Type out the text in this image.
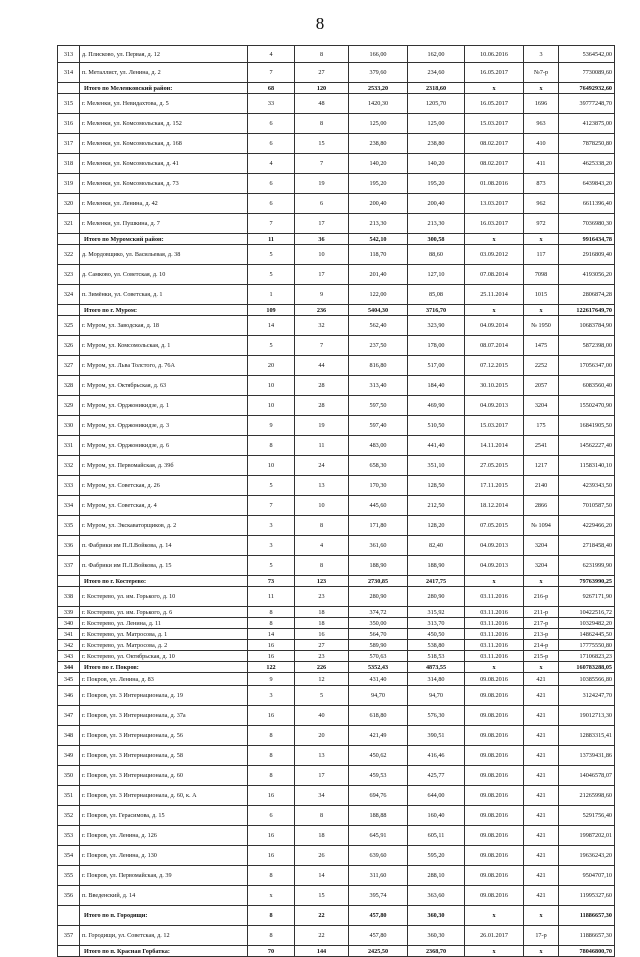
8
313	д. Плисково, ул. Первая, д. 12	4	8	166,00	162,00	10.06.2016	3	5364542,00
314	п. Металлист, ул. Ленина, д. 2	7	27	379,60	234,60	16.05.2017	№7-р	7730089,60
	Итого по Меленковский район:	68	120	2533,20	2318,60	x	x	76492932,60
315	г. Меленки, ул. Невидахтова, д. 5	33	48	1420,30	1205,70	16.05.2017	1696	39777248,70
316	г. Меленки, ул. Комсомольская, д. 152	6	8	125,00	125,00	15.03.2017	963	4123875,00
317	г. Меленки, ул. Комсомольская, д. 168	6	15	238,80	238,80	08.02.2017	410	7878250,80
318	г. Меленки, ул. Комсомольская, д. 41	4	7	140,20	140,20	08.02.2017	411	4625338,20
319	г. Меленки, ул. Комсомольская, д. 73	6	19	195,20	195,20	01.08.2016	873	6439843,20
320	г. Меленки, ул. Ленина, д. 42	6	6	200,40	200,40	13.03.2017	962	6611396,40
321	г. Меленки, ул. Пушкина, д. 7	7	17	213,30	213,30	16.03.2017	972	7036980,30
	Итого по Муромский район:	11	36	542,10	300,58	x	x	9916434,78
322	д. Мордовщико, ул. Васильевая, д. 38	5	10	118,70	88,60	03.09.2012	117	2916809,40
323	д. Самково, ул. Советская, д. 10	5	17	201,40	127,10	07.08.2014	7098	4193056,20
324	п. Зимёнки, ул. Советская, д. 1	1	9	122,00	85,08	25.11.2014	1015	2806874,28
	Итого по г. Муром:	109	236	5404,30	3716,70	x	x	122617649,70
325	г. Муром, ул. Заводская, д. 18	14	32	562,40	323,90	04.09.2014	№ 1950	10683784,90
326	г. Муром, ул. Комсомольская, д. 1	5	7	237,50	178,00	08.07.2014	1475	5872398,00
327	г. Муром, ул. Льва Толстого, д. 76А	20	44	816,80	517,00	07.12.2015	2252	17056347,00
328	г. Муром, ул. Октябрьская, д. 63	10	28	313,40	184,40	30.10.2015	2057	6083560,40
329	г. Муром, ул. Орджоникидзе, д. 1	10	28	597,50	469,90	04.09.2013	3204	15502470,90
330	г. Муром, ул. Орджоникидзе, д. 3	9	19	597,40	510,50	15.03.2017	175	16841905,50
331	г. Муром, ул. Орджоникидзе, д. 6	8	11	483,00	441,40	14.11.2014	2541	14562227,40
332	г. Муром, ул. Первомайская, д. 39б	10	24	658,30	351,10	27.05.2015	1217	11583140,10
333	г. Муром, ул. Советская, д. 26	5	13	170,30	128,50	17.11.2015	2140	4239343,50
334	г. Муром, ул. Советская, д. 4	7	10	445,60	212,50	18.12.2014	2866	7010587,50
335	г. Муром, ул. Экскаваторщиков, д. 2	3	8	171,80	128,20	07.05.2015	№ 1094	4229466,20
336	п. Фабрики им П.Л.Войкова, д. 14	3	4	361,60	82,40	04.09.2013	3204	2718458,40
337	п. Фабрики им П.Л.Войкова, д. 15	5	8	188,90	188,90	04.09.2013	3204	6231999,90
	Итого по г. Костерево:	73	123	2730,85	2417,75	x	x	79763990,25
338	г. Костерево, ул. им. Горького, д. 10	11	23	280,90	280,90	03.11.2016	216-р	9267171,90
339	г. Костерево, ул. им. Горького, д. 6	8	18	374,72	315,92	03.11.2016	211-р	10422516,72
340	г. Костерево, ул. Ленина, д. 11	8	18	350,00	313,70	03.11.2016	217-р	10329482,20
341	г. Костерево, ул. Матросова, д. 1	14	16	564,70	450,50	03.11.2016	213-р	14862445,50
342	г. Костерево, ул. Матросова, д. 2	16	27	589,90	538,80	03.11.2016	214-р	17775550,80
343	г. Костерево, ул. Октябрьская, д. 10	16	23	570,63	518,53	03.11.2016	215-р	17106823,23
344	Итого по г. Покров:	122	226	5352,43	4873,55	x	x	160783288,05
345	г. Покров, ул. Ленина, д. 83	9	12	431,40	314,80	09.08.2016	421	10385566,80
346	г. Покров, ул. 3 Интернационала, д. 19	3	5	94,70	94,70	09.08.2016	421	3124247,70
347	г. Покров, ул. 3 Интернационала, д. 37а	16	40	618,80	576,30	09.08.2016	421	19012713,30
348	г. Покров, ул. 3 Интернационала, д. 56	8	20	421,49	390,51	09.08.2016	421	12883315,41
349	г. Покров, ул. 3 Интернационала, д. 58	8	13	450,62	416,46	09.08.2016	421	13739431,86
350	г. Покров, ул. 3 Интернационала, д. 60	8	17	459,53	425,77	09.08.2016	421	14046578,07
351	г. Покров, ул. 3 Интернационала, д. 60, к. А	16	34	694,76	644,00	09.08.2016	421	21265998,60
352	г. Покров, ул. Герасимова, д. 15	6	8	188,88	160,40	09.08.2016	421	5291756,40
353	г. Покров, ул. Ленина, д. 126	16	18	645,91	605,11	09.08.2016	421	19987202,01
354	г. Покров, ул. Ленина, д. 130	16	26	639,60	595,20	09.08.2016	421	19636243,20
355	г. Покров, ул. Первомайская, д. 39	8	14	311,60	288,10	09.08.2016	421	9504707,10
356	п. Введенский, д. 14	x	15	395,74	363,60	09.08.2016	421	11995327,60
	Итого по п. Городищи:	8	22	457,80	360,30	x	x	11886657,30
357	п. Городищи, ул. Советская, д. 12	8	22	457,80	360,30	26.01.2017	17-р	11886657,30
	Итого по п. Красная Горбатка:	70	144	2425,50	2368,70	x	x	78046800,70
